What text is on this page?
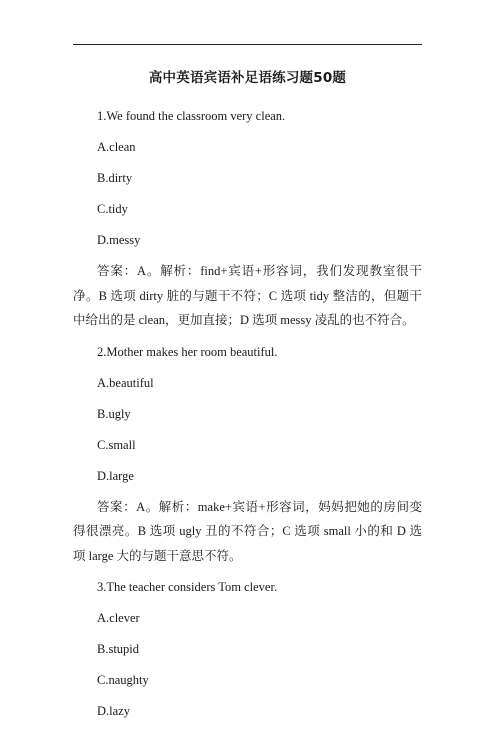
高中英语宾语补足语练习题50题
1.We found the classroom very clean.
A.clean
B.dirty
C.tidy
D.messy
答案：A。解析：find+宾语+形容词，我们发现教室很干净。B 选项 dirty 脏的与题干不符；C 选项 tidy 整洁的，但题干中给出的是 clean，更加直接；D 选项 messy 凌乱的也不符合。
2.Mother makes her room beautiful.
A.beautiful
B.ugly
C.small
D.large
答案：A。解析：make+宾语+形容词，妈妈把她的房间变得很漂亮。B 选项 ugly 丑的不符合；C 选项 small 小的和 D 选项 large 大的与题干意思不符。
3.The teacher considers Tom clever.
A.clever
B.stupid
C.naughty
D.lazy
